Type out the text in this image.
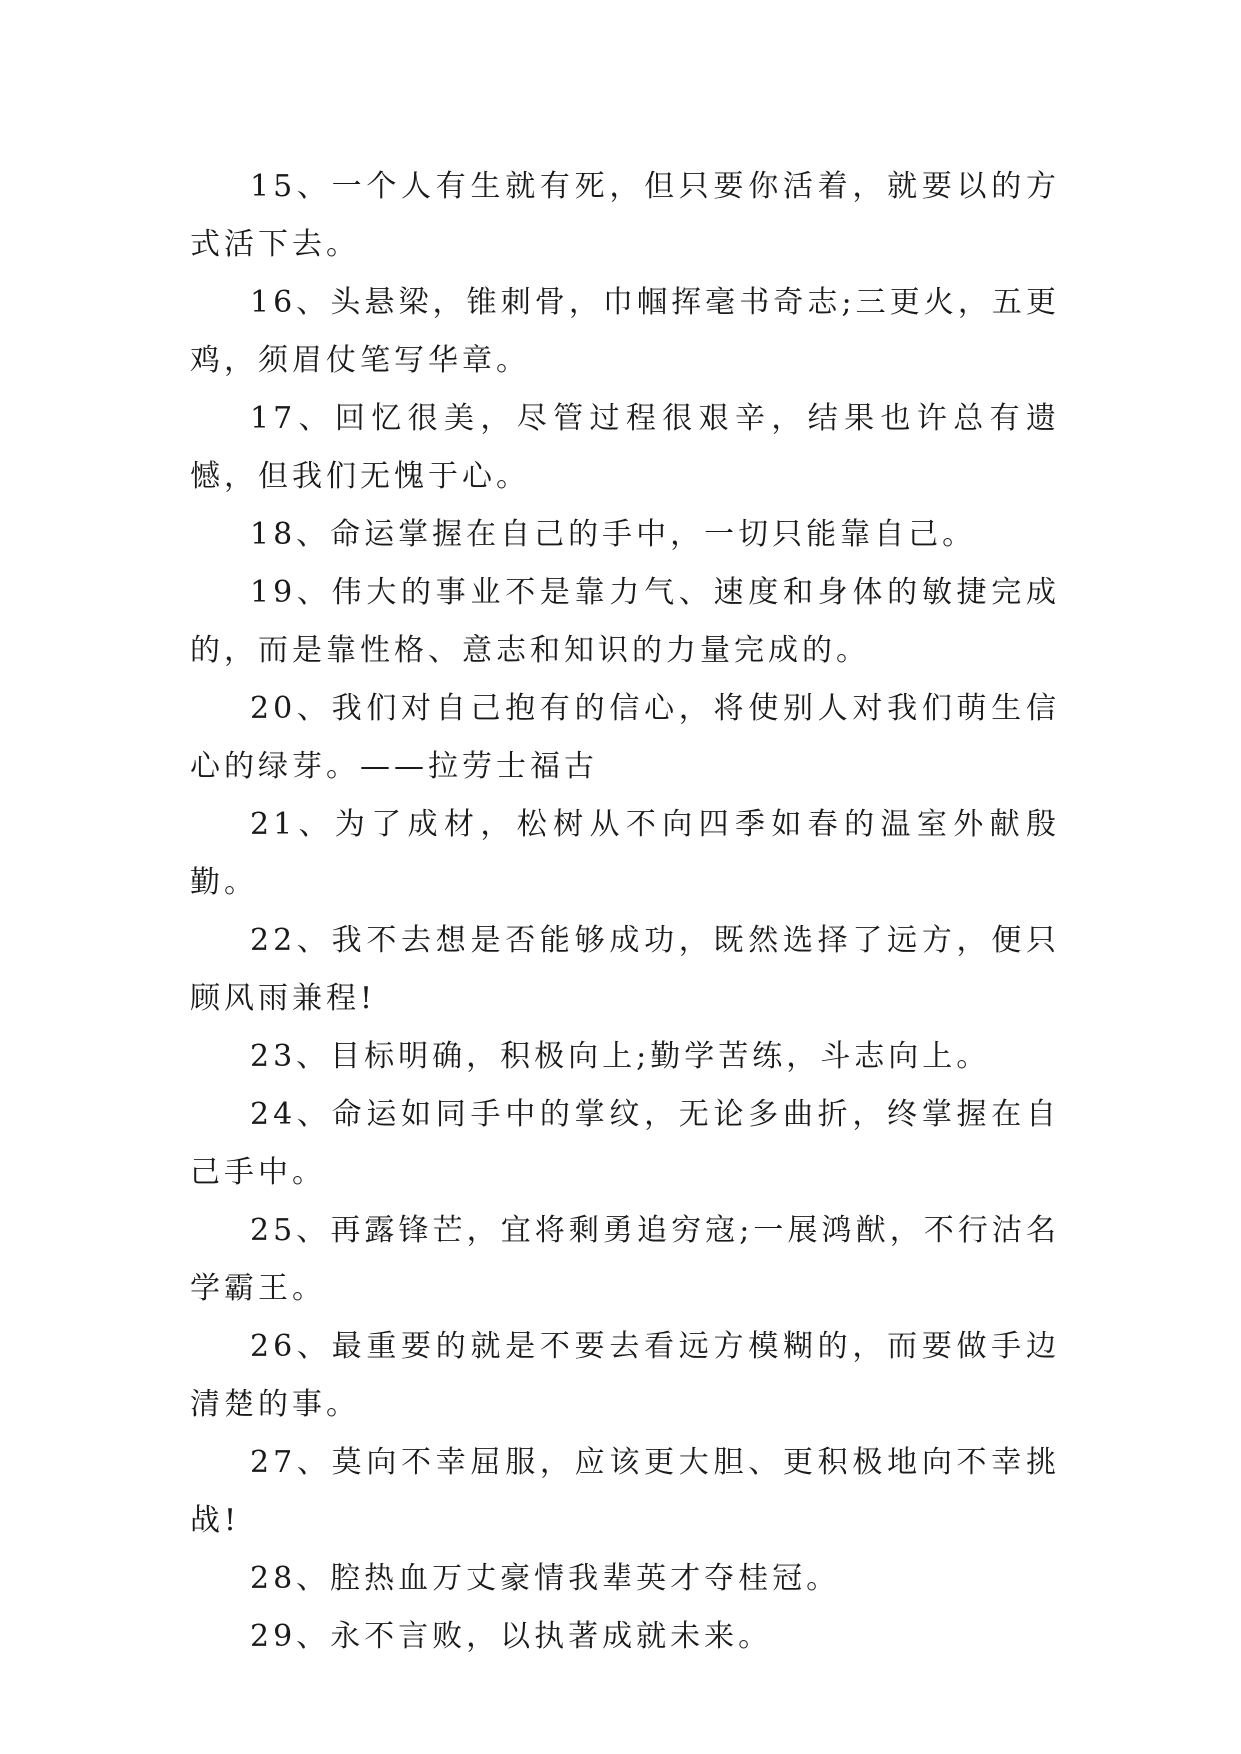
15、一个人有生就有死，但只要你活着，就要以的方式活下去。

16、头悬梁，锥刺骨，巾帼挥毫书奇志;三更火，五更鸡，须眉仗笔写华章。

17、回忆很美，尽管过程很艰辛，结果也许总有遗憾，但我们无愧于心。

18、命运掌握在自己的手中，一切只能靠自己。

19、伟大的事业不是靠力气、速度和身体的敏捷完成的，而是靠性格、意志和知识的力量完成的。

20、我们对自己抱有的信心，将使别人对我们萌生信心的绿芽。——拉劳士福古

21、为了成材，松树从不向四季如春的温室外献殷勤。

22、我不去想是否能够成功，既然选择了远方，便只顾风雨兼程!

23、目标明确，积极向上;勤学苦练，斗志向上。

24、命运如同手中的掌纹，无论多曲折，终掌握在自己手中。

25、再露锋芒，宜将剩勇追穷寇;一展鸿猷，不行沽名学霸王。

26、最重要的就是不要去看远方模糊的，而要做手边清楚的事。

27、莫向不幸屈服，应该更大胆、更积极地向不幸挑战!

28、腔热血万丈豪情我辈英才夺桂冠。

29、永不言败，以执著成就未来。
